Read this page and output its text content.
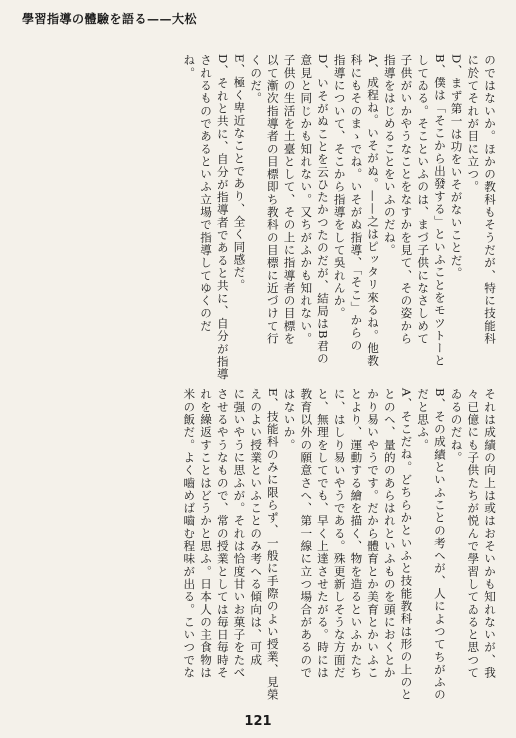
學習指導の體驗を語る——大松
のではないか。ほかの教科もそうだが、特に技能科
に於てそれが目に立つ。
D、まず第一は功をいそがないことだ。
B、僕は「そこから出發する」といふことをモツトーと
してゐる。そこといふのは、まづ子供になさしめて
子供がいかやうなことをなすかを見て、その姿から
指導をはじめることをいふのだね。
A、成程ね。いそがぬ。——之はピッタリ來るね。他教
科にもそのまゝでね。いそがぬ指導、「そこ」からの
指導について、そこから指導をして吳れんか。
D、いそがぬことを云ひたかつたのだが、結局はB君の
意見と同じかも知れない。又ちがふかも知れない。
子供の生活を土臺として、その上に指導者の目標を
以て漸次指導者の目標即ち教科の目標に近づけて行
くのだ。
E、極く卑近なことであり、全く同感だ。
D、それと共に、自分が指導者であると共に、自分が指導
されるものであるといふ立場で指導してゆくのだ
ね。
それは成績の向上は或はおそいかも知れないが、我
々已億にも子供たちが悦んで學習してゐると思つて
ゐるのだね。
B、その成績といふことの考へが、人によつてちがふの
だと思ふ。
A、そこだね。どちらかといふと技能教科は形の上のと
とのへ、量的のあらはれといふものを頭におくとか
かり易いやうです。だから體育とか美育とかいふこ
とより、運動する繪を描く、物を造るといふかたち
に、はしり易いやうである。殊更新しそうな方面だ
と、無理をしてでも、早く上達させたがる。時には
教育以外の願意さへ、第一線に立つ場合があるので
はないか。
E、技能科のみに限らず、一般に手際のよい授業、見榮
えのよい授業といふことのみ考へる傾向は、可成
に强いやうに思ふが。それは恰度甘いお菓子をたべ
させるやうなもので、常の授業としては毎日毎時そ
れを繰返すことはどうかと思ふ。日本人の主食物は
米の飯だ。よく嚙めば嚙む程味が出る。こいつでな
121
